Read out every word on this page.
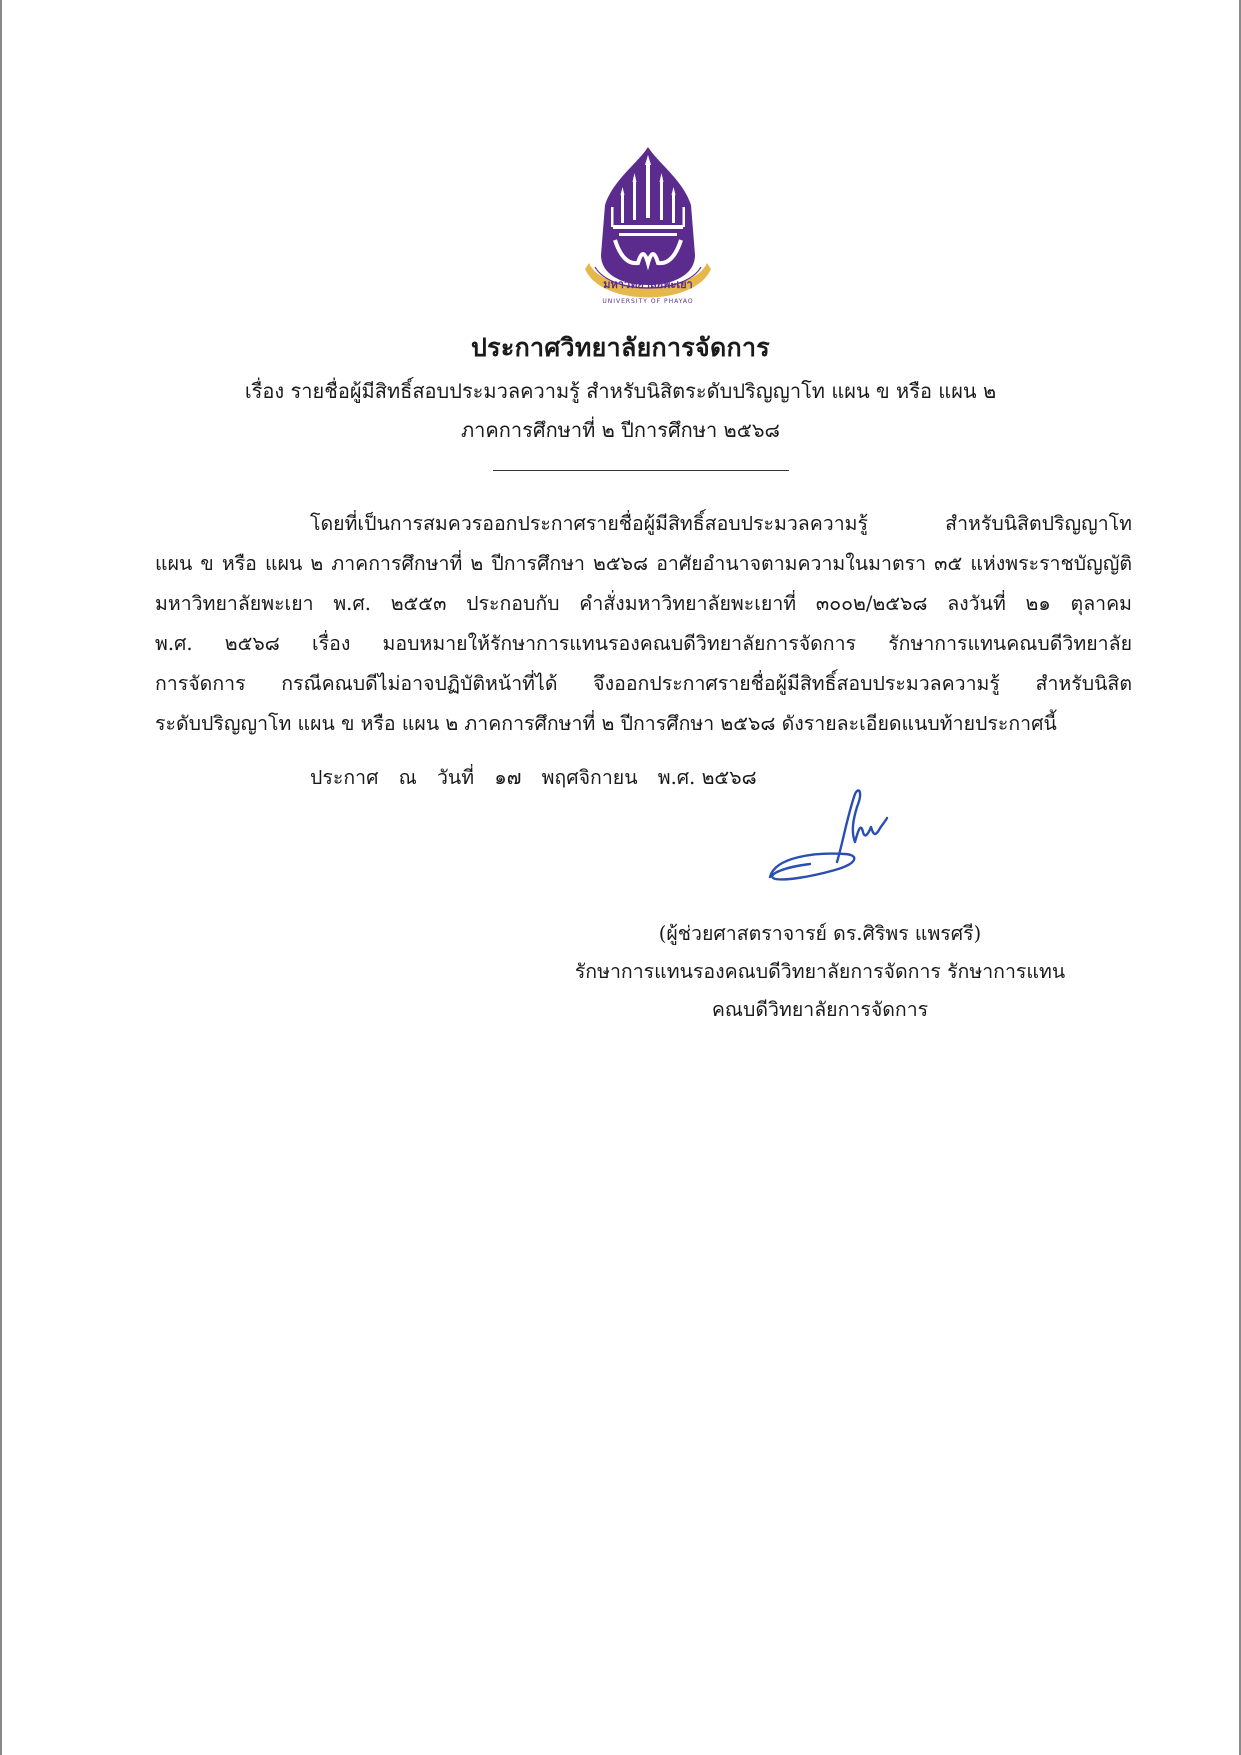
มหาวิทยาลัยพะเยา
UNIVERSITY OF PHAYAO
ประกาศวิทยาลัยการจัดการ
เรื่อง รายชื่อผู้มีสิทธิ์สอบประมวลความรู้ สำหรับนิสิตระดับปริญญาโท แผน ข หรือ แผน ๒
ภาคการศึกษาที่ ๒ ปีการศึกษา ๒๕๖๘
โดยที่เป็นการสมควรออกประกาศรายชื่อผู้มีสิทธิ์สอบประมวลความรู้ สำหรับนิสิตปริญญาโท
แผน ข หรือ แผน ๒ ภาคการศึกษาที่ ๒ ปีการศึกษา ๒๕๖๘ อาศัยอำนาจตามความในมาตรา ๓๕ แห่งพระราชบัญญัติ
มหาวิทยาลัยพะเยา พ.ศ. ๒๕๕๓ ประกอบกับ คำสั่งมหาวิทยาลัยพะเยาที่ ๓๐๐๒/๒๕๖๘ ลงวันที่ ๒๑ ตุลาคม
พ.ศ. ๒๕๖๘ เรื่อง มอบหมายให้รักษาการแทนรองคณบดีวิทยาลัยการจัดการ รักษาการแทนคณบดีวิทยาลัย
การจัดการ กรณีคณบดีไม่อาจปฏิบัติหน้าที่ได้ จึงออกประกาศรายชื่อผู้มีสิทธิ์สอบประมวลความรู้ สำหรับนิสิต
ระดับปริญญาโท แผน ข หรือ แผน ๒ ภาคการศึกษาที่ ๒ ปีการศึกษา ๒๕๖๘ ดังรายละเอียดแนบท้ายประกาศนี้
ประกาศ ณ วันที่ ๑๗ พฤศจิกายน พ.ศ. ๒๕๖๘
(ผู้ช่วยศาสตราจารย์ ดร.ศิริพร แพรศรี)
รักษาการแทนรองคณบดีวิทยาลัยการจัดการ รักษาการแทน
คณบดีวิทยาลัยการจัดการ
